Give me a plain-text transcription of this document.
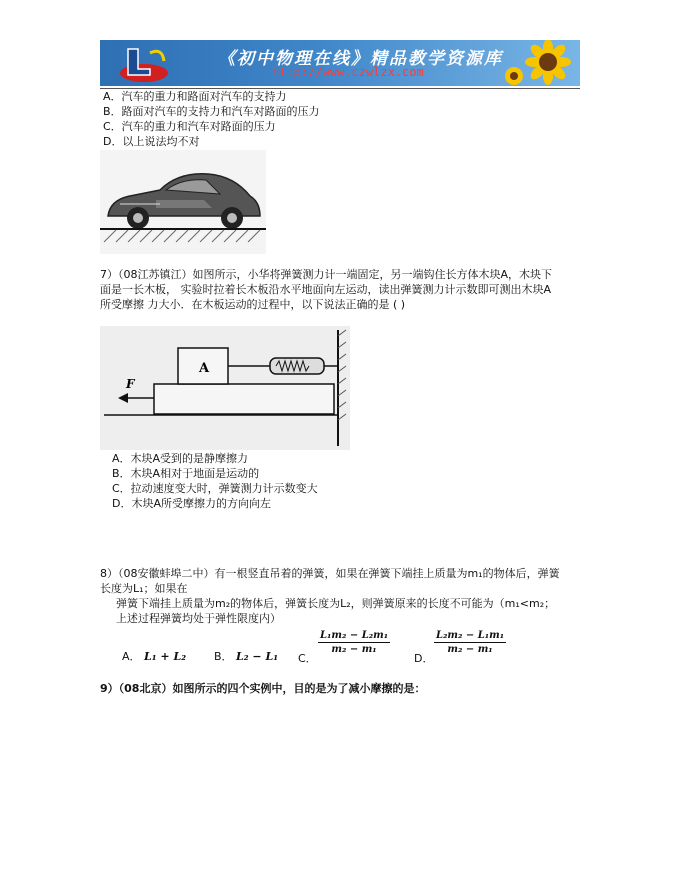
《初中物理在线》精品教学资源库
http://www.czwlzx.com
A．汽车的重力和路面对汽车的支持力
B．路面对汽车的支持力和汽车对路面的压力
C．汽车的重力和汽车对路面的压力
D．以上说法均不对
7）（08江苏镇江）如图所示，小华将弹簧测力计一端固定，另一端钩住长方体木块A，木块下
面是一长木板， 实验时拉着长木板沿水平地面向左运动，读出弹簧测力计示数即可测出木块A
所受摩擦 力大小．在木板运动的过程中，以下说法正确的是 ( )
A
F
A．木块A受到的是静摩擦力
B．木块A相对于地面是运动的
C．拉动速度变大时，弹簧测力计示数变大
D．木块A所受摩擦力的方向向左
8）（08安徽蚌埠二中）有一根竖直吊着的弹簧，如果在弹簧下端挂上质量为m₁的物体后，弹簧
长度为L₁；如果在
弹簧下端挂上质量为m₂的物体后，弹簧长度为L₂，则弹簧原来的长度不可能为（m₁<m₂；
上述过程弹簧均处于弹性限度内）
A． L₁ + L₂	B． L₂ − L₁ C．
$\frac{\text{L₁m₂ − L₂m₁}}{\text{m₂ − m₁}}$
D．
$\frac{\text{L₂m₂ − L₁m₁}}{\text{m₂ − m₁}}$
9）（08北京）如图所示的四个实例中，目的是为了减小摩擦的是：
